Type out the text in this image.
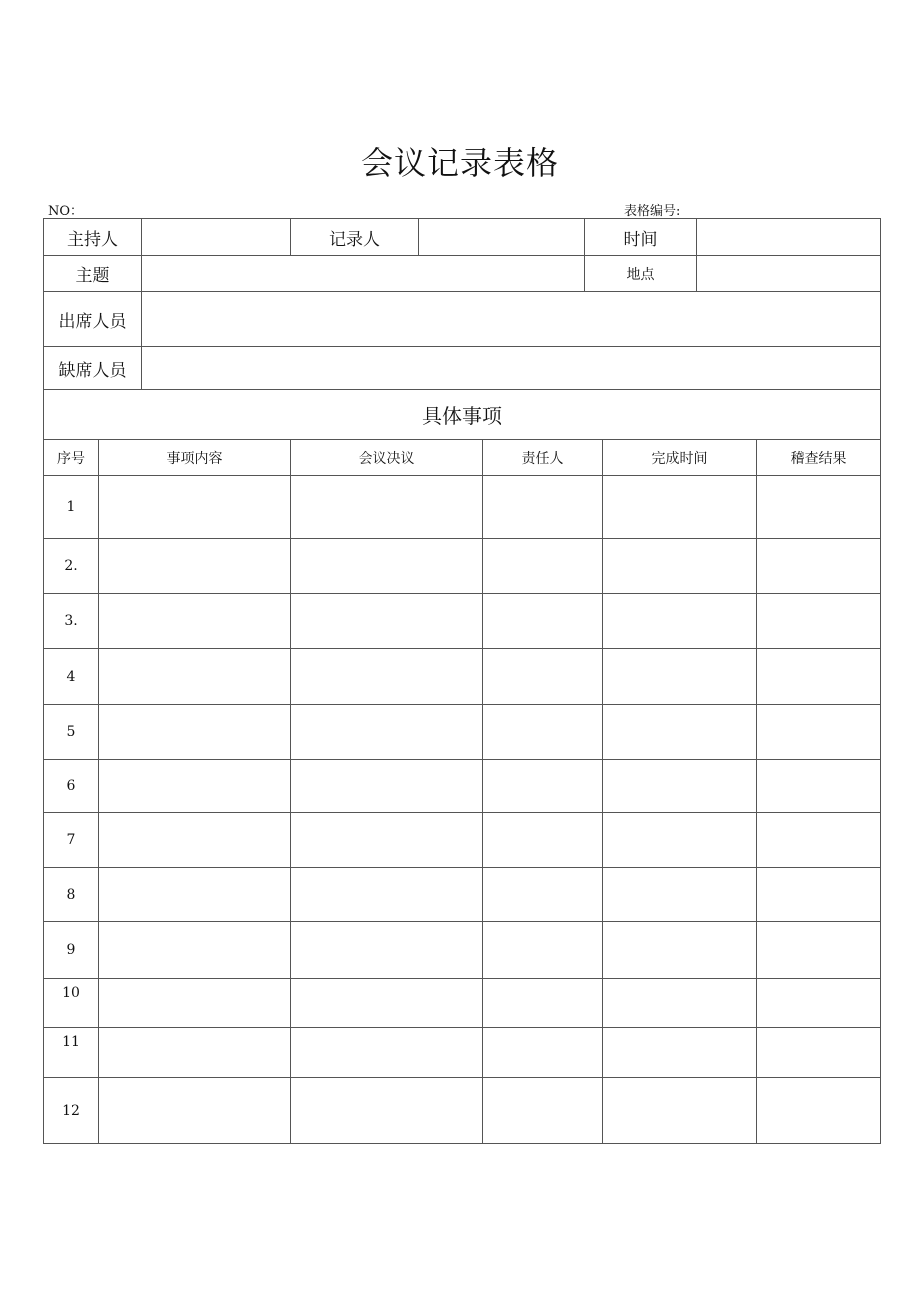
会议记录表格
NO：	表格编号:
主持人		记录人		时间	
主题				地点	
出席人员					
缺席人员					
具体事项					
序号	事项内容	会议决议	责任人	完成时间	稽查结果
1					
2.					
3.					
4					
5					
6					
7					
8					
9					
10					
11					
12					
